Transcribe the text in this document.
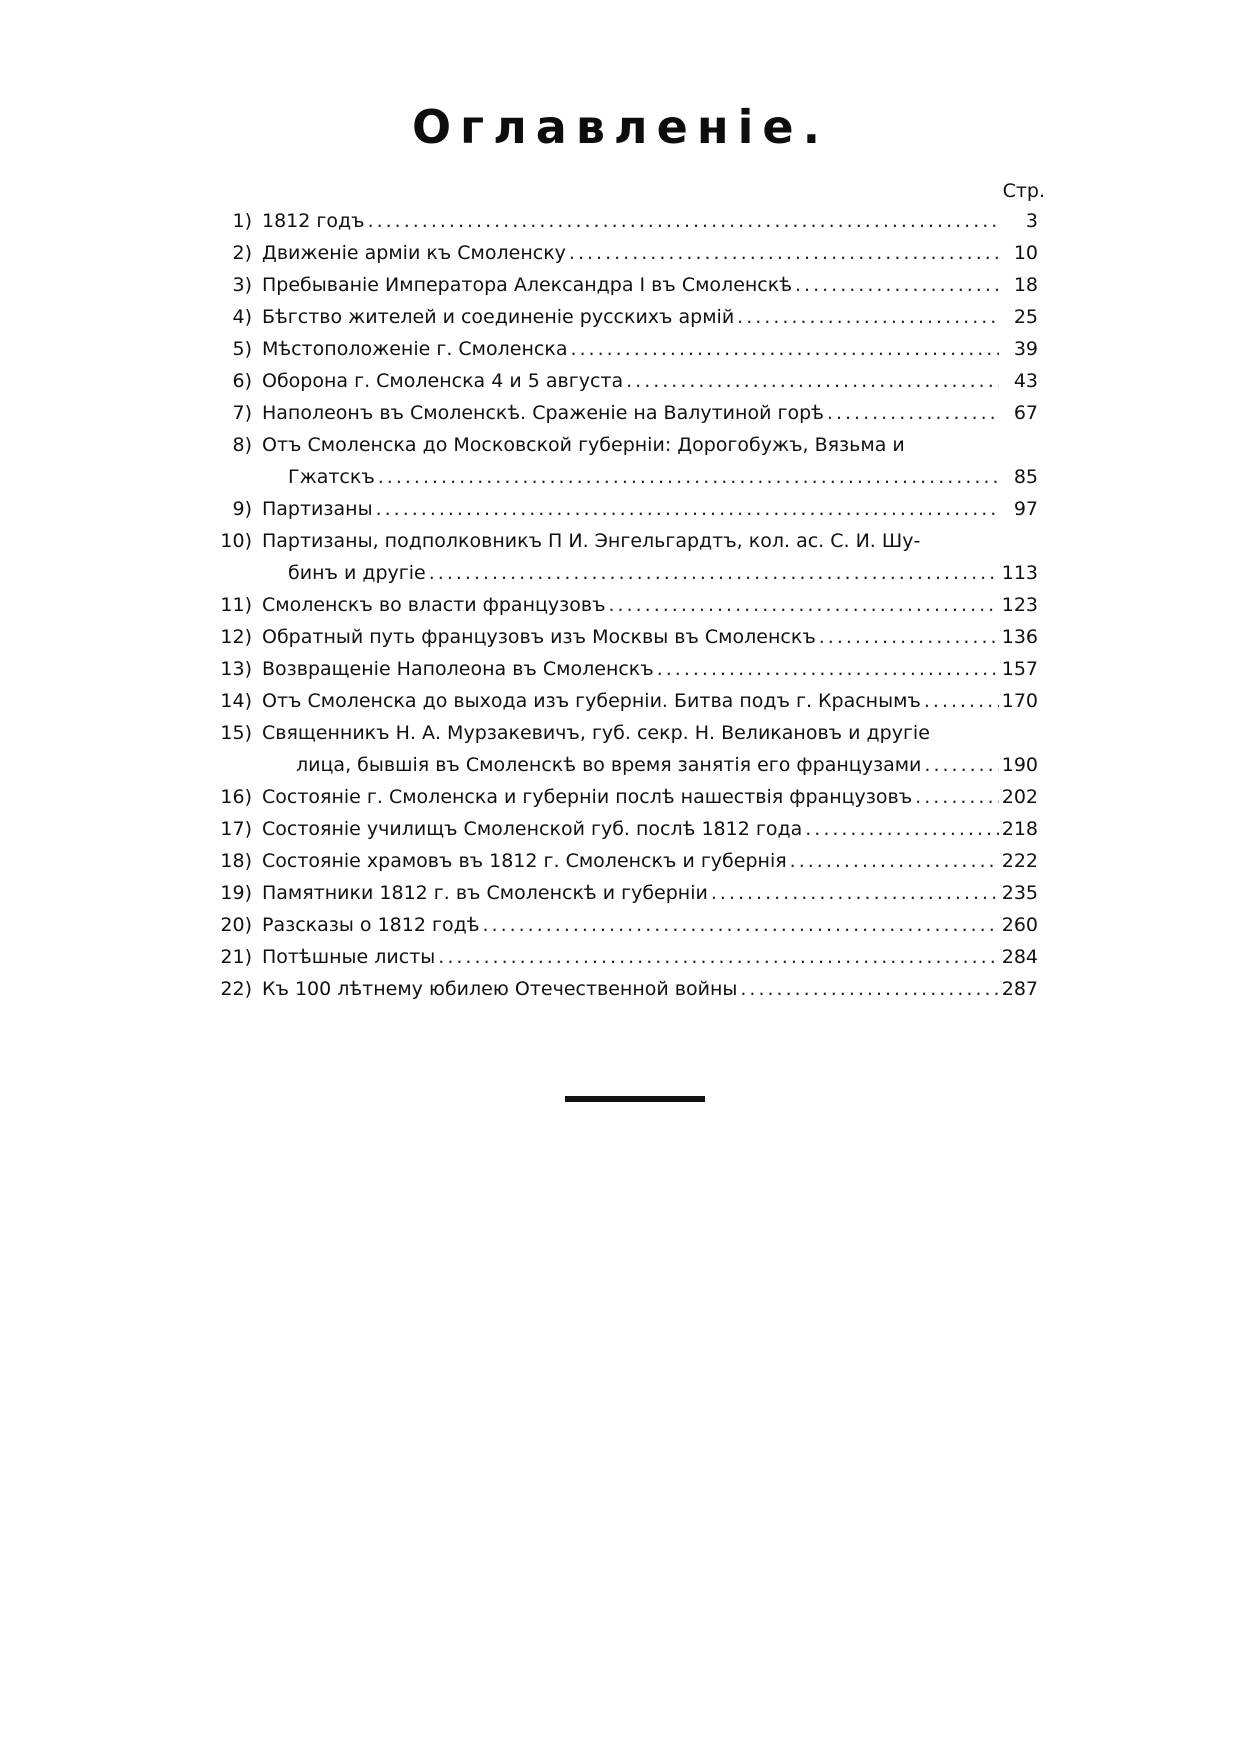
Оглавленіе.
Стр.
1) 1812 годъ .....	3
2) Движеніе арміи къ Смоленску .....	10
3) Пребываніе Императора Александра I въ Смоленскѣ .....	18
4) Бѣгство жителей и соединеніе русскихъ армій .....	25
5) Мѣстоположеніе г. Смоленска .....	39
6) Оборона г. Смоленска 4 и 5 августа .....	43
7) Наполеонъ въ Смоленскѣ. Сраженіе на Валутиной горѣ .....	67
8) Отъ Смоленска до Московской губерніи: Дорогобужъ, Вязьма и
Гжатскъ .....	85
9) Партизаны .....	97
10) Партизаны, подполковникъ П И. Энгельгардтъ, кол. ас. С. И. Шу-
бинъ и другіе .....	113
11) Смоленскъ во власти французовъ .....	123
12) Обратный путь французовъ изъ Москвы въ Смоленскъ .....	136
13) Возвращеніе Наполеона въ Смоленскъ .....	157
14) Отъ Смоленска до выхода изъ губерніи. Битва подъ г. Краснымъ .....	170
15) Священникъ Н. А. Мурзакевичъ, губ. секр. Н. Великановъ и другіе
лица, бывшія въ Смоленскѣ во время занятія его французами .....	190
16) Состояніе г. Смоленска и губерніи послѣ нашествія французовъ .....	202
17) Состояніе училищъ Смоленской губ. послѣ 1812 года .....	218
18) Состояніе храмовъ въ 1812 г. Смоленскъ и губернія .....	222
19) Памятники 1812 г. въ Смоленскѣ и губерніи .....	235
20) Разсказы о 1812 годѣ .....	260
21) Потѣшные листы .....	284
22) Къ 100 лѣтнему юбилею Отечественной войны .....	287
